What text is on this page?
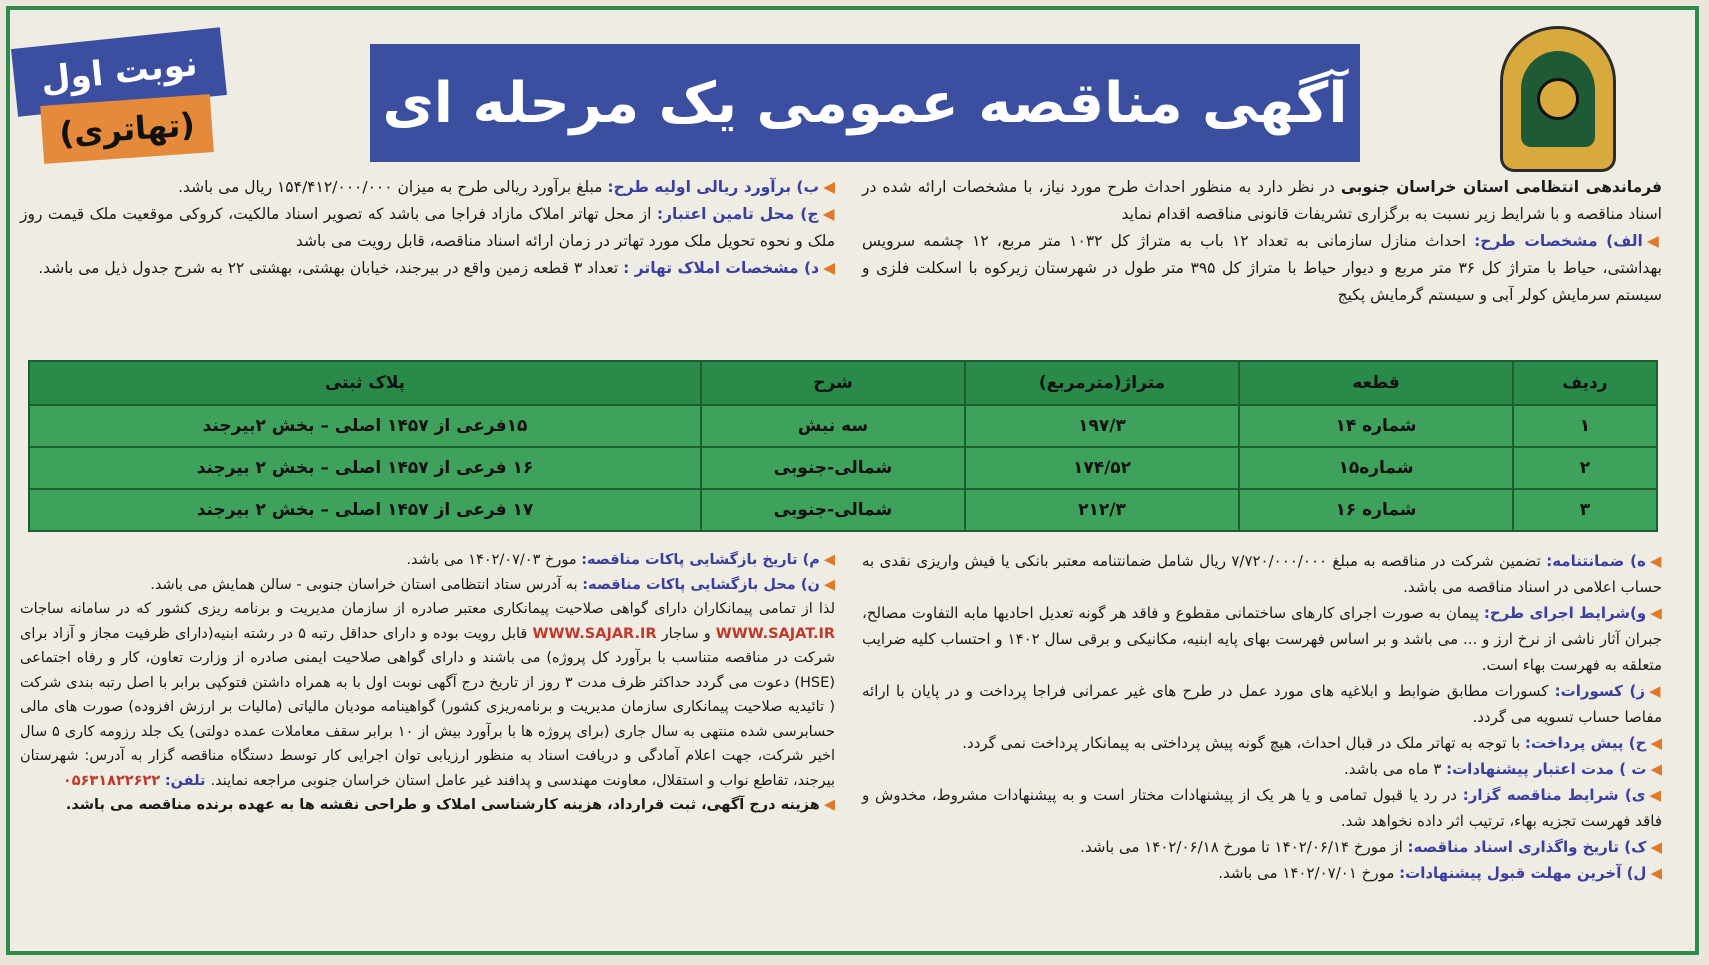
آگهی مناقصه عمومی یک مرحله ای
نوبت اول
(تهاتری)

فرماندهی انتظامی استان خراسان جنوبی در نظر دارد به منظور احداث طرح مورد نیاز، با مشخصات ارائه شده در اسناد مناقصه و با شرایط زیر نسبت به برگزاری تشریفات قانونی مناقصه اقدام نماید

◀الف) مشخصات طرح: احداث منازل سازمانی به تعداد ۱۲ باب به متراژ کل ۱۰۳۲ متر مربع، ۱۲ چشمه سرویس بهداشتی، حیاط با متراژ کل ۳۶ متر مربع و دیوار حیاط با متراژ کل ۳۹۵ متر طول در شهرستان زیرکوه با اسکلت فلزی و سیستم سرمایش کولر آبی و سیستم گرمایش پکیج

◀ب) برآورد ریالی اولیه طرح: مبلغ برآورد ریالی طرح به میزان ۱۵۴/۴۱۲/۰۰۰/۰۰۰ ریال می باشد.

◀ج) محل تامین اعتبار: از محل تهاتر املاک مازاد فراجا می باشد که تصویر اسناد مالکیت، کروکی موقعیت ملک قیمت روز ملک و نحوه تحویل ملک مورد تهاتر در زمان ارائه اسناد مناقصه، قابل رویت می باشد

◀د) مشخصات املاک تهاتر : تعداد ۳ قطعه زمین واقع در بیرجند، خیابان بهشتی، بهشتی ۲۲ به شرح جدول ذیل می باشد.

ردیف	قطعه	متراژ(مترمربع)	شرح	پلاک ثبتی
۱	شماره ۱۴	۱۹۷/۳	سه نبش	۱۵فرعی از ۱۴۵۷ اصلی – بخش ۲بیرجند
۲	شماره۱۵	۱۷۴/۵۲	شمالی-جنوبی	۱۶ فرعی از ۱۴۵۷ اصلی – بخش ۲ بیرجند
۳	شماره ۱۶	۲۱۲/۳	شمالی-جنوبی	۱۷ فرعی از ۱۴۵۷ اصلی – بخش ۲ بیرجند

◀ه) ضمانتنامه: تضمین شرکت در مناقصه به مبلغ ۷/۷۲۰/۰۰۰/۰۰۰ ریال شامل ضمانتنامه معتبر بانکی یا فیش واریزی نقدی به حساب اعلامی در اسناد مناقصه می باشد.

◀و)شرایط اجرای طرح: پیمان به صورت اجرای کارهای ساختمانی مقطوع و فاقد هر گونه تعدیل احادیها مابه التفاوت مصالح، جبران آثار ناشی از نرخ ارز و ... می باشد و بر اساس فهرست بهای پایه ابنیه، مکانیکی و برقی سال ۱۴۰۲ و احتساب کلیه ضرایب متعلقه به فهرست بهاء است.

◀ز) کسورات: کسورات مطابق ضوابط و ابلاغیه های مورد عمل در طرح های غیر عمرانی فراجا پرداخت و در پایان با ارائه مفاصا حساب تسویه می گردد.

◀ح) پیش پرداخت: با توجه به تهاتر ملک در قبال احداث، هیچ گونه پیش پرداختی به پیمانکار پرداخت نمی گردد.

◀ت ) مدت اعتبار پیشنهادات: ۳ ماه می باشد.

◀ی) شرایط مناقصه گزار: در رد یا قبول تمامی و یا هر یک از پیشنهادات مختار است و به پیشنهادات مشروط، مخدوش و فاقد فهرست تجزیه بهاء، ترتیب اثر داده نخواهد شد.

◀ک) تاریخ واگذاری اسناد مناقصه: از مورخ ۱۴۰۲/۰۶/۱۴ تا مورخ ۱۴۰۲/۰۶/۱۸ می باشد.

◀ل) آخرین مهلت قبول پیشنهادات: مورخ ۱۴۰۲/۰۷/۰۱ می باشد.

◀م) تاریخ بازگشایی پاکات مناقصه: مورخ ۱۴۰۲/۰۷/۰۳ می باشد.

◀ن) محل بازگشایی پاکات مناقصه: به آدرس ستاد انتظامی استان خراسان جنوبی - سالن همایش می باشد.

لذا از تمامی پیمانکاران دارای گواهی صلاحیت پیمانکاری معتبر صادره از سازمان مدیریت و برنامه ریزی کشور که در سامانه ساجات WWW.SAJAT.IR و ساجار WWW.SAJAR.IR قابل رویت بوده و دارای حداقل رتبه ۵ در رشته ابنیه(دارای ظرفیت مجاز و آزاد برای شرکت در مناقصه متناسب با برآورد کل پروژه) می باشند و دارای گواهی صلاحیت ایمنی صادره از وزارت تعاون، کار و رفاه اجتماعی (HSE) دعوت می گردد حداکثر ظرف مدت ۳ روز از تاریخ درج آگهی نوبت اول با به همراه داشتن فتوکپی برابر با اصل رتبه بندی شرکت ( تائیدیه صلاحیت پیمانکاری سازمان مدیریت و برنامه‌ریزی کشور) گواهینامه مودیان مالیاتی (مالیات بر ارزش افزوده) صورت های مالی حسابرسی شده منتهی به سال جاری (برای پروژه ها با برآورد بیش از ۱۰ برابر سقف معاملات عمده دولتی) یک جلد رزومه کاری ۵ سال اخیر شرکت، جهت اعلام آمادگی و دریافت اسناد به منظور ارزیابی توان اجرایی کار توسط دستگاه مناقصه گزار به آدرس: شهرستان بیرجند، تقاطع نواب و استقلال، معاونت مهندسی و پدافند غیر عامل استان خراسان جنوبی مراجعه نمایند. تلفن: ۰۵۶۳۱۸۲۲۶۲۲

◀هزینه درج آگهی، ثبت قرارداد، هزینه کارشناسی املاک و طراحی نقشه ها به عهده برنده مناقصه می باشد.
